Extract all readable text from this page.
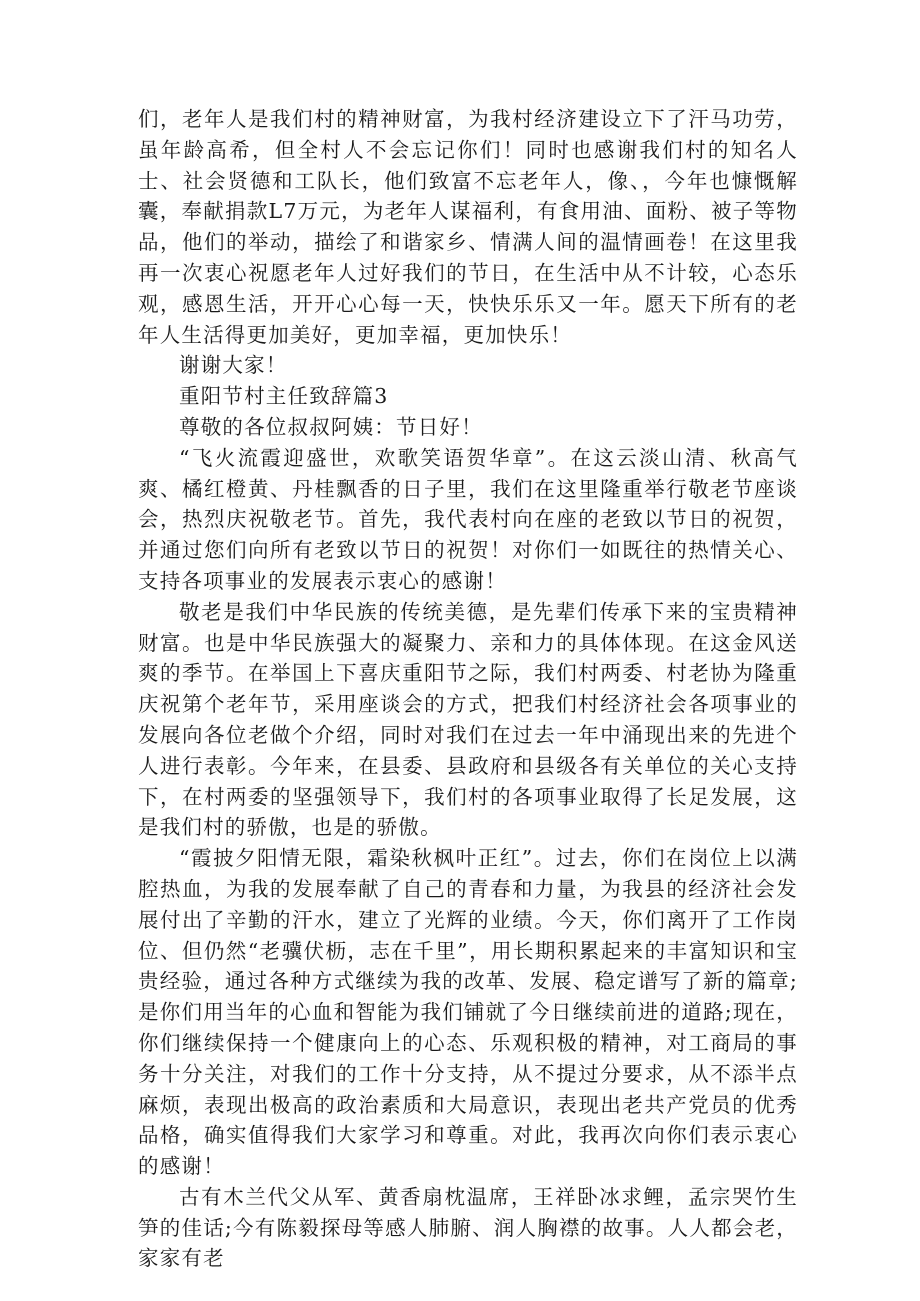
们，老年人是我们村的精神财富，为我村经济建设立下了汗马功劳，虽年龄高希，但全村人不会忘记你们！同时也感谢我们村的知名人士、社会贤德和工队长，他们致富不忘老年人，像、，今年也慷慨解囊，奉献捐款L7万元，为老年人谋福利，有食用油、面粉、被子等物品，他们的举动，描绘了和谐家乡、情满人间的温情画卷！在这里我再一次衷心祝愿老年人过好我们的节日，在生活中从不计较，心态乐观，感恩生活，开开心心每一天，快快乐乐又一年。愿天下所有的老年人生活得更加美好，更加幸福，更加快乐！

谢谢大家！

重阳节村主任致辞篇3

尊敬的各位叔叔阿姨：节日好！

“飞火流霞迎盛世，欢歌笑语贺华章”。在这云淡山清、秋高气爽、橘红橙黄、丹桂飘香的日子里，我们在这里隆重举行敬老节座谈会，热烈庆祝敬老节。首先，我代表村向在座的老致以节日的祝贺，并通过您们向所有老致以节日的祝贺！对你们一如既往的热情关心、支持各项事业的发展表示衷心的感谢！

敬老是我们中华民族的传统美德，是先辈们传承下来的宝贵精神财富。也是中华民族强大的凝聚力、亲和力的具体体现。在这金风送爽的季节。在举国上下喜庆重阳节之际，我们村两委、村老协为隆重庆祝第个老年节，采用座谈会的方式，把我们村经济社会各项事业的发展向各位老做个介绍，同时对我们在过去一年中涌现出来的先进个人进行表彰。今年来，在县委、县政府和县级各有关单位的关心支持下，在村两委的坚强领导下，我们村的各项事业取得了长足发展，这是我们村的骄傲，也是的骄傲。

“霞披夕阳情无限，霜染秋枫叶正红”。过去，你们在岗位上以满腔热血，为我的发展奉献了自己的青春和力量，为我县的经济社会发展付出了辛勤的汗水，建立了光辉的业绩。今天，你们离开了工作岗位、但仍然“老骥伏枥，志在千里”，用长期积累起来的丰富知识和宝贵经验，通过各种方式继续为我的改革、发展、稳定谱写了新的篇章;是你们用当年的心血和智能为我们铺就了今日继续前进的道路;现在，你们继续保持一个健康向上的心态、乐观积极的精神，对工商局的事务十分关注，对我们的工作十分支持，从不提过分要求，从不添半点麻烦，表现出极高的政治素质和大局意识，表现出老共产党员的优秀品格，确实值得我们大家学习和尊重。对此，我再次向你们表示衷心的感谢！

古有木兰代父从军、黄香扇枕温席，王祥卧冰求鲤，孟宗哭竹生笋的佳话;今有陈毅探母等感人肺腑、润人胸襟的故事。人人都会老，家家有老
